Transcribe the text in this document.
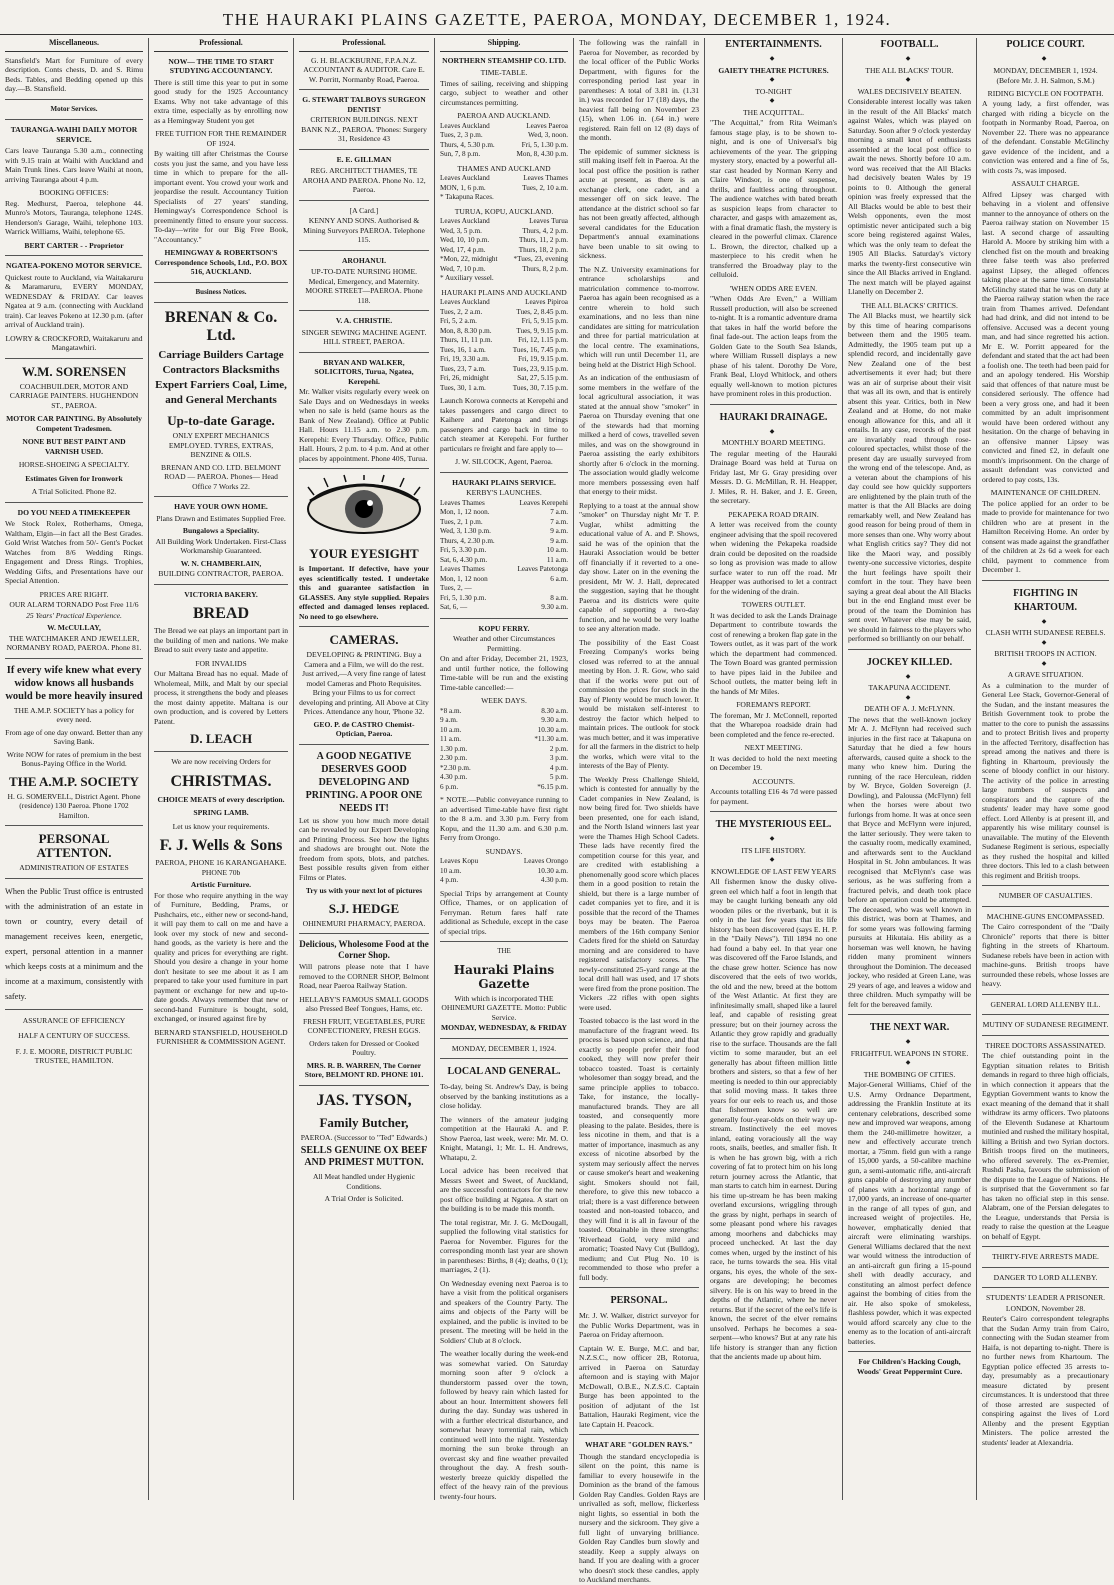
THE HAURAKI PLAINS GAZETTE, PAEROA, MONDAY, DECEMBER 1, 1924.
Miscellaneous.
Stansfield's Mart for Furniture of every description. Conts chests, D. and S. Rimu Beds. Tables, and Bedding opened up this day.—B. Stansfield.
Motor Services.
TAURANGA-WAIHI DAILY MOTOR SERVICE.
Cars leave Tauranga 5.30 a.m., connecting with 9.15 train at Waihi with Auckland and Main Trunk lines. Cars leave Waihi at noon, arriving Tauranga about 4 p.m.
BOOKING OFFICES:
Reg. Medhurst, Paeroa, telephone 44. Munro's Motors, Tauranga, telephone 124S. Henderson's Garage, Waihi, telephone 103. Warrick Williams, Waihi, telephone 65.
BERT CARTER - - Proprietor
NGATEA-POKENO MOTOR SERVICE.
Quickest route to Auckland, via Waitakaruru & Maramaruru, EVERY MONDAY, WEDNESDAY & FRIDAY. Car leaves Ngatea at 9 a.m. (connecting with Auckland train). Car leaves Pokeno at 12.30 p.m. (after arrival of Auckland train).
LOWRY & CROCKFORD, Waitakaruru and Mangatawhiri.
W.M. SORENSEN
COACHBUILDER, MOTOR AND CARRIAGE PAINTERS. HUGHENDON ST., PAEROA.
MOTOR CAR PAINTING. By Absolutely Competent Tradesmen.
NONE BUT BEST PAINT AND VARNISH USED.
HORSE-SHOEING A SPECIALTY.
Estimates Given for Ironwork
A Trial Solicited. Phone 82.
DO YOU NEED A TIMEKEEPER
We Stock Rolex, Rotherhams, Omega, Waltham, Elgin—in fact all the Best Grades. Gold Wrist Watches from 50/- Gent's Pocket Watches from 8/6 Wedding Rings. Engagement and Dress Rings. Trophies, Wedding Gifts, and Presentations have our Special Attention.
PRICES ARE RIGHT.
OUR ALARM TORNADO Post Free 11/6
25 Years' Practical Experience.
W. McCULLAY,
THE WATCHMAKER AND JEWELLER, NORMANBY ROAD, PAEROA. Phone 81.
If every wife knew what every widow knows all husbands would be more heavily insured
THE A.M.P. SOCIETY has a policy for every need.
From age of one day onward. Better than any Saving Bank.
Write NOW for rates of premium in the best Bonus-Paying Office in the World.
THE A.M.P. SOCIETY
H. G. SOMERVELL, District Agent. Phone (residence) 130 Paeroa. Phone 1702 Hamilton.
PERSONAL ATTENTON.
ADMINISTRATION OF ESTATES
When the Public Trust office is entrusted with the administration of an estate in town or country, every detail of management receives keen, energetic, expert, personal attention in a manner which keeps costs at a minimum and the income at a maximum, consistently with safety.
ASSURANCE OF EFFICIENCY
HALF A CENTURY OF SUCCESS.
F. J. E. MOORE, DISTRICT PUBLIC TRUSTEE, HAMILTON.
Professional.
NOW— THE TIME TO START STUDYING ACCOUNTANCY.
There is still time this year to put in some good study for the 1925 Accountancy Exams. Why not take advantage of this extra time, especially as by enrolling now as a Hemingway Student you get
FREE TUITION FOR THE REMAINDER OF 1924.
By waiting till after Christmas the Course costs you just the same, and you have less time in which to prepare for the all-important event. You crowd your work and jeopardise the result. Accountancy Tuition Specialists of 27 years' standing, Hemingway's Correspondence School is preeminently fitted to ensure your success. To-day—write for our Big Free Book, "Accountancy."
HEMINGWAY & ROBERTSON'S Correspondence Schools, Ltd., P.O. BOX 516, AUCKLAND.
Business Notices.
BRENAN & Co. Ltd.
Carriage Builders Cartage Contractors Blacksmiths Expert Farriers Coal, Lime, and General Merchants
Up-to-date Garage.
ONLY EXPERT MECHANICS EMPLOYED. TYRES, EXTRAS, BENZINE & OILS.
BRENAN AND CO. LTD. BELMONT ROAD — PAEROA. Phones— Head Office 7 Works 22.
HAVE YOUR OWN HOME.
Plans Drawn and Estimates Supplied Free.
Bungalows a Speciality.
All Building Work Undertaken. First-Class Workmanship Guaranteed.
W. N. CHAMBERLAIN,
BUILDING CONTRACTOR, PAEROA.
VICTORIA BAKERY.
BREAD
The Bread we eat plays an important part in the building of men and nations. We make Bread to suit every taste and appetite.
FOR INVALIDS
Our Maltana Bread has no equal. Made of Wholemeal, Milk, and Malt by our special process, it strengthens the body and pleases the most dainty appetite. Maltana is our own production, and is covered by Letters Patent.
D. LEACH
We are now receiving Orders for
CHRISTMAS.
CHOICE MEATS of every description.
SPRING LAMB.
Let us know your requirements.
F. J. Wells & Sons
PAEROA, PHONE 16 KARANGAHAKE. PHONE 70b
Artistic Furniture.
For those who require anything in the way of Furniture, Bedding, Prams, or Pushchairs, etc., either new or second-hand, it will pay them to call on me and have a look over my stock of new and second-hand goods, as the variety is here and the quality and prices for everything are right. Should you desire a change in your home don't hesitate to see me about it as I am prepared to take your used furniture in part payment or exchange for new and up-to-date goods. Always remember that new or second-hand Furniture is bought, sold, exchanged, or insured against fire by
BERNARD STANSFIELD, HOUSEHOLD FURNISHER & COMMISSION AGENT.
Professional.
G. H. BLACKBURNE, F.P.A.N.Z. ACCOUNTANT & AUDITOR. Care E. W. Porritt, Normanby Road, Paeroa.
G. STEWART TALBOYS SURGEON DENTIST
CRITERION BUILDINGS. NEXT BANK N.Z., PAEROA. 'Phones: Surgery 31, Residence 43
E. E. GILLMAN
REG. ARCHITECT THAMES, TE AROHA AND PAEROA. Phone No. 12, Paeroa.
[A Card.]
KENNY AND SONS. Authorised & Mining Surveyors PAEROA. Telephone 115.
AROHANUI.
UP-TO-DATE NURSING HOME. Medical, Emergency, and Maternity. MOORE STREET—PAEROA. Phone 118.
V. A. CHRISTIE.
SINGER SEWING MACHINE AGENT. HILL STREET, PAEROA.
BRYAN AND WALKER, SOLICITORS, Turua, Ngatea, Kerepehi.
Mr. Walker visits regularly every week on Sale Days and on Wednesdays in weeks when no sale is held (same hours as the Bank of New Zealand). Office at Public Hall. Hours 11.15 a.m. to 2.30 p.m. Kerepehi: Every Thursday. Office, Public Hall. Hours, 2 p.m. to 4 p.m. And at other places by appointment. Phone 40S, Turua.
YOUR EYESIGHT
is Important. If defective, have your eyes scientifically tested. I undertake this and guarantee satisfaction in GLASSES. Any style supplied. Repairs effected and damaged lenses replaced. No need to go elsewhere.
CAMERAS.
DEVELOPING & PRINTING. Buy a Camera and a Film, we will do the rest. Just arrived,—A very fine range of latest model Cameras and Photo Requisites. Bring your Films to us for correct developing and printing. All Above at City Prices. Attendance any hour, 'Phone 32.
GEO. P. de CASTRO Chemist-Optician, Paeroa.
A GOOD NEGATIVE DESERVES GOOD DEVELOPING AND PRINTING. A POOR ONE NEEDS IT!
Let us show you how much more detail can be revealed by our Expert Developing and Printing Process. See how the lights and shadows are brought out. Note the freedom from spots, blots, and patches. Best possible results given from either Films or Plates.
Try us with your next lot of pictures
S.J. HEDGE
OHINEMURI PHARMACY, PAEROA.
Delicious, Wholesome Food at the Corner Shop.
Will patrons please note that I have removed to the CORNER SHOP, Belmont Road, near Paeroa Railway Station.
HELLABY'S FAMOUS SMALL GOODS also Pressed Beef Tongues, Hams, etc.
FRESH FRUIT, VEGETABLES, PURE CONFECTIONERY, FRESH EGGS.
Orders taken for Dressed or Cooked Poultry.
MRS. R. B. WARREN, The Corner Store, BELMONT RD. PHONE 101.
JAS. TYSON,
Family Butcher,
PAEROA. (Successor to "Ted" Edwards.)
SELLS GENUINE OX BEEF AND PRIMEST MUTTON.
All Meat handled under Hygienic Conditions.
A Trial Order is Solicited.
Shipping.
NORTHERN STEAMSHIP CO. LTD.
TIME-TABLE.
Times of sailing, receiving and shipping cargo, subject to weather and other circumstances permitting.
PAEROA AND AUCKLAND.
Leaves Auckland	Leaves Paeroa
Tues, 2, 3 p.m.	Wed, 3, noon.
Thurs, 4, 5.30 p.m.	Fri, 5, 1.30 p.m.
Sun, 7, 8 p.m.	Mon, 8, 4.30 p.m.
THAMES AND AUCKLAND
Leaves Auckland	Leaves Thames
MON, 1, 6 p.m.	Tues, 2, 10 a.m.
* Takapuna Races.	
TURUA, KOPU, AUCKLAND.
Leaves Auckland	Leaves Turua
Wed, 3, 5 p.m.	Thurs, 4, 2 p.m.
Wed, 10, 10 p.m.	Thurs, 11, 2 p.m.
Wed, 17, 4 p.m.	Thurs, 18, 2 p.m.
*Mon, 22, midnight	*Tues, 23, evening
Wed, 7, 10 p.m.	Thurs, 8, 2 p.m.
* Auxiliary vessel.	
HAURAKI PLAINS AND AUCKLAND
Leaves Auckland	Leaves Pipiroa
Tues, 2, 2 a.m.	Tues, 2, 8.45 p.m.
Fri, 5, 2 a.m.	Fri, 5, 9.15 p.m.
Mon, 8, 8.30 p.m.	Tues, 9, 9.15 p.m.
Thurs, 11, 11 p.m.	Fri, 12, 1.15 p.m.
Tues, 16, 1 a.m.	Tues, 16, 7.45 p.m.
Fri, 19, 3.30 a.m.	Fri, 19, 9.15 p.m.
Tues, 23, 7 a.m.	Tues, 23, 9.15 p.m.
Fri, 26, midnight	Sat, 27, 5.15 p.m.
Tues, 30, 1 a.m.	Tues, 30, 7.15 p.m.
Launch Korowa connects at Kerepehi and takes passengers and cargo direct to Kaihere and Patetonga and brings passengers and cargo back in time to catch steamer at Kerepehi. For further particulars re freight and fare apply to—
J. W. SILCOCK, Agent, Paeroa.
HAURAKI PLAINS SERVICE.
KERBY'S LAUNCHES.
Leaves Thames	Leaves Kerepehi
Mon, 1, 12 noon.	7 a.m.
Tues, 2, 1 p.m.	7 a.m.
Wed, 3, 1.30 p.m.	9 a.m.
Thurs, 4, 2.30 p.m.	9 a.m.
Fri, 5, 3.30 p.m.	10 a.m.
Sat, 6, 4.30 p.m.	11 a.m.
Leaves Thames	Leaves Patetonga
Mon, 1, 12 noon	6 a.m.
Tues, 2, —	
Fri, 5, 1.30 p.m.	8 a.m.
Sat, 6, —	9.30 a.m.
KOPU FERRY.
Weather and other Circumstances Permitting.
On and after Friday, December 21, 1923, and until further notice, the following Time-table will be run and the existing Time-table cancelled:—
WEEK DAYS.
*8 a.m.	8.30 a.m.
9 a.m.	9.30 a.m.
10 a.m.	10.30 a.m.
11 a.m.	*11.30 a.m.
1.30 p.m.	2 p.m.
2.30 p.m.	3 p.m.
*2.30 p.m.	4 p.m.
4.30 p.m.	5 p.m.
6 p.m.	*6.15 p.m.
* NOTE.—Public conveyance running to an advertised Time-table have first right to the 8 a.m. and 3.30 p.m. Ferry from Kopu, and the 11.30 a.m. and 6.30 p.m. Ferry from Orongo.
SUNDAYS.
Leaves Kopu	Leaves Orongo
10 a.m.	10.30 a.m.
4 p.m.	4.30 p.m.
Special Trips by arrangement at County Office, Thames, or on application of Ferryman. Return fares half rate additional as Schedule, except in the case of special trips.
THE
Hauraki Plains Gazette
With which is incorporated THE OHINEMURI GAZETTE. Motto: Public Service.
MONDAY, WEDNESDAY, & FRIDAY
MONDAY, DECEMBER 1, 1924.
LOCAL AND GENERAL.
To-day, being St. Andrew's Day, is being observed by the banking institutions as a close holiday.
The winners of the amateur judging competition at the Hauraki A. and P. Show Paeroa, last week, were: Mr. M. O. Knight, Matangi, 1; Mr. L. H. Andrews, Whatapu, 2.
Local advice has been received that Messrs Sweet and Sweet, of Auckland, are the successful contractors for the new post office building at Ngatea. A start on the building is to be made this month.
The total registrar, Mr. J. G. McDougall, supplied the following vital statistics for Paeroa for November. Figures for the corresponding month last year are shown in parentheses: Births, 8 (4); deaths, 0 (1); marriages, 2 (1).
On Wednesday evening next Paeroa is to have a visit from the political organisers and speakers of the Country Party. The aims and objects of the Party will be explained, and the public is invited to be present. The meeting will be held in the Soldiers' Club at 8 o'clock.
The weather locally during the week-end was somewhat varied. On Saturday morning soon after 9 o'clock a thunderstorm passed over the town, followed by heavy rain which lasted for about an hour. Intermittent showers fell during the day. Sunday was ushered in with a further electrical disturbance, and somewhat heavy torrential rain, which continued well into the night. Yesterday morning the sun broke through an overcast sky and fine weather prevailed throughout the day. A fresh south-westerly breeze quickly dispelled the effect of the heavy rain of the previous twenty-four hours.
The following was the rainfall in Paeroa for November, as recorded by the local officer of the Public Works Department, with figures for the corresponding period last year in parentheses: A total of 3.81 in. (1.31 in.) was recorded for 17 (18) days, the heaviest fall being on November 23 (15), when 1.06 in. (.64 in.) were registered. Rain fell on 12 (8) days of the month.
The epidemic of summer sickness is still making itself felt in Paeroa. At the local post office the position is rather acute at present, as there is an exchange clerk, one cadet, and a messenger off on sick leave. The attendance at the district school so far has not been greatly affected, although several candidates for the Education Department's annual examinations have been unable to sit owing to sickness.
The N.Z. University examinations for entrance scholarships and matriculation commence to-morrow. Paeroa has again been recognised as a centre wherein to hold such examinations, and no less than nine candidates are sitting for matriculation and three for partial matriculation at the local centre. The examinations, which will run until December 11, are being held at the District High School.
As an indication of the enthusiasm of some members in the welfare of the local agricultural association, it was stated at the annual show "smoker" in Paeroa on Thursday evening that one of the stewards had that morning milked a herd of cows, travelled seven miles, and was on the showground in Paeroa assisting the early exhibitors shortly after 6 o'clock in the morning. The association would gladly welcome more members possessing even half that energy to their midst.
Replying to a toast at the annual show "smoker" on Thursday night Mr T. P. Vuglar, whilst admitting the educational value of A. and P. Shows, said he was of the opinion that the Hauraki Association would be better off financially if it reverted to a one-day show. Later on in the evening the president, Mr W. J. Hall, deprecated the suggestion, saying that he thought Paeroa and its districts were quite capable of supporting a two-day function, and he would be very loathe to see any alteration made.
The possibility of the East Coast Freezing Company's works being closed was referred to at the annual meeting by Hon. J. R. Gow, who said that if the works were put out of commission the prices for stock in the Bay of Plenty would be much lower. It would be mistaken self-interest to destroy the factor which helped to maintain prices. The outlook for stock was much better, and it was imperative for all the farmers in the district to help the works, which were vital to the interests of the Bay of Plenty.
The Weekly Press Challenge Shield, which is contested for annually by the Cadet companies in New Zealand, is now being fired for. Two shields have been presented, one for each island, and the North Island winners last year were the Thames High School Cadets. These lads have recently fired the competition course for this year, and are credited with establishing a phenomenally good score which places them in a good position to retain the shield, but there is a large number of cadet companies yet to fire, and it is possible that the record of the Thames boys may be beaten. The Paeroa members of the 16th company Senior Cadets fired for the shield on Saturday morning and are considered to have registered satisfactory scores. The newly-constituted 25-yard range at the local drill hall was used, and 17 shots were fired from the prone position. The Vickers .22 rifles with open sights were used.
Toasted tobacco is the last word in the manufacture of the fragrant weed. Its process is based upon science, and that exactly so people prefer their food cooked, they will now prefer their tobacco toasted. Toast is certainly wholesomer than soggy bread, and the same principle applies to tobacco. Take, for instance, the locally-manufactured brands. They are all toasted, and consequently more pleasing to the palate. Besides, there is less nicotine in them, and that is a matter of importance, inasmuch as any excess of nicotine absorbed by the system may seriously affect the nerves or cause smoker's heart and weakening sight. Smokers should not fail, therefore, to give this new tobacco a trial; there is a vast difference between toasted and non-toasted tobacco, and they will find it is all in favour of the toasted. Obtainable in three strengths: 'Riverhead Gold, very mild and aromatic; Toasted Navy Cut (Bulldog), medium; and Cut Plug No. 10 is recommended to those who prefer a full body.
PERSONAL.
Mr. J. W. Walker, district surveyor for the Public Works Department, was in Paeroa on Friday afternoon.
Captain W. E. Burge, M.C. and bar, N.Z.S.C., now officer 2B, Rotorua, arrived in Paeroa on Saturday afternoon and is staying with Major McDowall, O.B.E., N.Z.S.C. Captain Burge has been appointed to the position of adjutant of the 1st Battalion, Hauraki Regiment, vice the late Captain H. Peacock.
WHAT ARE "GOLDEN RAYS."
Though the standard encyclopedia is silent on the point, this name is familiar to every housewife in the Dominion as the brand of the famous Golden Ray Candles. Golden Rays are unrivalled as soft, mellow, flickerless night lights, so essential in both the nursery and the sickroom. They give a full light of unvarying brilliance. Golden Ray Candles burn slowly and steadily. Keep a supply always on hand. If you are dealing with a grocer who doesn't stock these candles, apply to Auckland merchants.
ENTERTAINMENTS.
◆
GAIETY THEATRE PICTURES.
◆
TO-NIGHT
◆
THE ACQUITTAL.
"The Acquittal," from Rita Weiman's famous stage play, is to be shown to-night, and is one of Universal's big achievements of the year. The gripping mystery story, enacted by a powerful all-star cast headed by Norman Kerry and Claire Windsor, is one of suspense, thrills, and faultless acting throughout. The audience watches with bated breath as suspicion leaps from character to character, and gasps with amazement as, with a final dramatic flash, the mystery is cleared in the powerful climax. Clarence L. Brown, the director, chalked up a masterpiece to his credit when he transferred the Broadway play to the celluloid.
'WHEN ODDS ARE EVEN.
"When Odds Are Even," a William Russell production, will also be screened to-night. It is a romantic adventure drama that takes in half the world before the final fade-out. The action leaps from the Golden Gate to the South Sea Islands, where William Russell displays a new phase of his talent. Dorothy De Vore, Frank Beal, Lloyd Whitlock, and others equally well-known to motion pictures have prominent roles in this production.
HAURAKI DRAINAGE.
◆
MONTHLY BOARD MEETING.
The regular meeting of the Hauraki Drainage Board was held at Turua on Friday last, Mr G. Gray presiding over Messrs. D. G. McMillan, R. H. Heapper, J. Miles, R. H. Baker, and J. E. Green, the secretary.
PEKAPEKA ROAD DRAIN.
A letter was received from the county engineer advising that the spoil recovered when widening the Pekapeka roadside drain could be deposited on the roadside so long as provision was made to allow surface water to run off the road. Mr Heapper was authorised to let a contract for the widening of the drain.
TOWERS OUTLET.
It was decided to ask the Lands Drainage Department to contribute towards the cost of renewing a broken flap gate in the Towers outlet, as it was part of the work which the department had commenced. The Town Board was granted permission to have pipes laid in the Jubilee and School outlets, the matter being left in the hands of Mr Miles.
FOREMAN'S REPORT.
The foreman, Mr J. McConnell, reported that the Wharepoa roadside drain had been completed and the fence re-erected.
NEXT MEETING.
It was decided to hold the next meeting on December 19.
ACCOUNTS.
Accounts totalling £16 4s 7d were passed for payment.
THE MYSTERIOUS EEL.
◆
ITS LIFE HISTORY.
◆
KNOWLEDGE OF LAST FEW YEARS
All fishermen know the dusky olive-green eel which half a foot in length that may be caught lurking beneath any old wooden piles or the riverbank, but it is only in the last few years that its life history has been discovered (says E. H. P. in the "Daily News"). Till 1894 no one had found a baby eel. In that year one was discovered off the Faroe Islands, and the chase grew hotter. Science has now discovered that the eels of two worlds, the old and the new, breed at the bottom of the West Atlantic. At first they are infinitesimally small, shaped like a laurel leaf, and capable of resisting great pressure; but on their journey across the Atlantic they grow rapidly and gradually rise to the surface. Thousands are the fall victim to some marauder, but an eel generally has about fifteen million little brothers and sisters, so that a few of her meeting is needed to thin our appreciably that solid moving mass. It takes three years for our eels to reach us, and those that fishermen know so well are generally four-year-olds on their way up-stream. Instinctively the eel moves inland, eating voraciously all the way roots, snails, beetles, and smaller fish. It is when he has grown big, with a rich covering of fat to protect him on his long return journey across the Atlantic, that man starts to catch him in earnest. During his time up-stream he has been making overland excursions, wriggling through the grass by night, perhaps in search of some pleasant pond where his ravages among moorhens and dabchicks may proceed unchecked. At last the day comes when, urged by the instinct of his race, he turns towards the sea. His vital organs, his eyes, the whole of the sex-organs are developing; he becomes silvery. He is on his way to breed in the depths of the Atlantic, where he never returns. But if the secret of the eel's life is known, the secret of the elver remains unsolved. Perhaps he becomes a sea-serpent—who knows? But at any rate his life history is stranger than any fiction that the ancients made up about him.
FOOTBALL.
◆
THE ALL BLACKS' TOUR.
◆
WALES DECISIVELY BEATEN.
Considerable interest locally was taken in the result of the All Blacks' match against Wales, which was played on Saturday. Soon after 9 o'clock yesterday morning a small knot of enthusiasts assembled at the local post office to await the news. Shortly before 10 a.m. word was received that the All Blacks had decisively beaten Wales by 19 points to 0. Although the general opinion was freely expressed that the All Blacks would be able to best their Welsh opponents, even the most optimistic never anticipated such a big score being registered against Wales, which was the only team to defeat the 1905 All Blacks. Saturday's victory marks the twenty-first consecutive win since the All Blacks arrived in England. The next match will be played against Llanelly on December 2.
THE ALL BLACKS' CRITICS.
The All Blacks must, we heartily sick by this time of hearing comparisons between them and the 1905 team. Admittedly, the 1905 team put up a splendid record, and incidentally gave New Zealand one of the best advertisements it ever had; but there was an air of surprise about their visit that was all its own, and that is entirely absent this year. Critics, both in New Zealand and at Home, do not make enough allowance for this, and all it entails. In any case, records of the past are invariably read through rose-coloured spectacles, whilst those of the present day are usually surveyed from the wrong end of the telescope. And, as a veteran about the champions of his day could see how quickly supporters are enlightened by the plain truth of the matter is that the All Blacks are doing remarkably well, and New Zealand has good reason for being proud of them in more senses than one. Why worry about what English critics say? They did not like the Maori way, and possibly twenty-one successive victories, despite the hurt feelings have spoilt their comfort in the tour. They have been saying a great deal about the All Blacks but in the end England must ever be proud of the team the Dominion has sent over. Whatever else may be said, we should in fairness to the players who performed so brilliantly on our behalf.
JOCKEY KILLED.
◆
TAKAPUNA ACCIDENT.
◆
DEATH OF A. J. McFLYNN.
The news that the well-known jockey Mr A. J. McFlynn had received such injuries in the first race at Takapuna on Saturday that he died a few hours afterwards, caused quite a shock to the many who knew him. During the running of the race Herculean, ridden by W. Bryce, Golden Sovereign (J. Dowling), and Paloussa (McFlynn) fell when the horses were about two furlongs from home. It was at once seen that Bryce and McFlynn were injured, the latter seriously. They were taken to the casualty room, medically examined, and afterwards sent to the Auckland Hospital in St. John ambulances. It was recognised that McFlynn's case was serious, as he was suffering from a fractured pelvis, and death took place before an operation could be attempted. The deceased, who was well known in this district, was born at Thames, and for some years was following farming pursuits at Hikutaia. His ability as a horseman was well known, he having ridden many prominent winners throughout the Dominion. The deceased jockey, who resided at Green Lane, was 29 years of age, and leaves a widow and three children. Much sympathy will be felt for the bereaved family.
THE NEXT WAR.
◆
FRIGHTFUL WEAPONS IN STORE.
◆
THE BOMBING OF CITIES.
Major-General Williams, Chief of the U.S. Army Ordnance Department, addressing the Franklin Institute at its centenary celebrations, described some new and improved war weapons, among them the 240-millimetre howitzer, a new and effectively accurate trench mortar, a 75mm. field gun with a range of 15,000 yards, a 50-calibre machine gun, a semi-automatic rifle, anti-aircraft guns capable of destroying any number of planes with a horizontal range of 17,000 yards, an increase of one-quarter in the range of all types of gun, and increased weight of projectiles. He, however, emphatically denied that aircraft were eliminating warships. General Williams declared that the next war would witness the introduction of an anti-aircraft gun firing a 15-pound shell with deadly accuracy, and constituting an almost perfect defence against the bombing of cities from the air. He also spoke of smokeless, flashless powder, which it was expected would afford scarcely any clue to the enemy as to the location of anti-aircraft batteries.
For Children's Hacking Cough, Woods' Great Peppermint Cure.
POLICE COURT.
◆
MONDAY, DECEMBER 1, 1924.
(Before Mr. J. H. Salmon, S.M.)
RIDING BICYCLE ON FOOTPATH.
A young lady, a first offender, was charged with riding a bicycle on the footpath in Normanby Road, Paeroa, on November 22. There was no appearance of the defendant. Constable McGlinchy gave evidence of the incident, and a conviction was entered and a fine of 5s, with costs 7s, was imposed.
ASSAULT CHARGE.
Alfred Lipsey was charged with behaving in a violent and offensive manner to the annoyance of others on the Paeroa railway station on November 15 last. A second charge of assaulting Harold A. Moore by striking him with a clenched fist on the mouth and breaking three false teeth was also preferred against Lipsey, the alleged offences taking place at the same time. Constable McGlinchy stated that he was on duty at the Paeroa railway station when the race train from Thames arrived. Defendant had had drink, and did not intend to be offensive. Accused was a decent young man, and had since regretted his action. Mr E. W. Porritt appeared for the defendant and stated that the act had been a foolish one. The teeth had been paid for and an apology tendered. His Worship said that offences of that nature must be considered seriously. The offence had been a very gross one, and had it been committed by an adult imprisonment would have been ordered without any hesitation. On the charge of behaving in an offensive manner Lipsey was convicted and fined £2, in default one month's imprisonment. On the charge of assault defendant was convicted and ordered to pay costs, 13s.
MAINTENANCE OF CHILDREN.
The police applied for an order to be made to provide for maintenance for two children who are at present in the Hamilton Receiving Home. An order by consent was made against the grandfather of the children at 2s 6d a week for each child, payment to commence from December 1.
FIGHTING IN KHARTOUM.
◆
CLASH WITH SUDANESE REBELS.
◆
BRITISH TROOPS IN ACTION.
◆
A GRAVE SITUATION.
As a culmination to the murder of General Lee Stack, Governor-General of the Sudan, and the instant measures the British Government took to probe the matter to the core to punish the assassins and to protect British lives and property in the affected Territory, disaffection has spread among the natives and there is fighting in Khartoum, previously the scene of bloody conflict in our history. The activity of the police in arresting large numbers of suspects and conspirators and the capture of the students' leader may have some good effect. Lord Allenby is at present ill, and apparently his wise military counsel is unavailable. The mutiny of the Eleventh Sudanese Regiment is serious, especially as they rushed the hospital and killed three doctors. This led to a clash between this regiment and British troops.
NUMBER OF CASUALTIES.
MACHINE-GUNS ENCOMPASSED.
The Cairo correspondent of the "Daily Chronicle" reports that there is bitter fighting in the streets of Khartoum. Sudanese rebels have been in action with machine-guns. British troops have surrounded these rebels, whose losses are heavy.
GENERAL LORD ALLENBY ILL.
MUTINY OF SUDANESE REGIMENT.
THREE DOCTORS ASSASSINATED.
The chief outstanding point in the Egyptian situation relates to British demands in regard to three high officials, in which connection it appears that the Egyptian Government wants to know the exact meaning of the demand that it shall withdraw its army officers. Two platoons of the Eleventh Sudanese at Khartoum mutinied and rushed the military hospital, killing a British and two Syrian doctors. British troops fired on the mutineers, who offered severely. The ex-Premier, Rushdi Pasha, favours the submission of the dispute to the League of Nations. He is surprised that the Government so far has taken no official step in this sense. Alabram, one of the Persian delegates to the League, understands that Persia is ready to raise the question at the League on behalf of Egypt.
THIRTY-FIVE ARRESTS MADE.
DANGER TO LORD ALLENBY.
STUDENTS' LEADER A PRISONER.
LONDON, November 28.
Reuter's Cairo correspondent telegraphs that the Sudan Army train from Cairo, connecting with the Sudan steamer from Haifa, is not departing to-night. There is no further news from Khartoum. The Egyptian police effected 35 arrests to-day, presumably as a precautionary measure dictated by present circumstances. It is understood that three of those arrested are suspected of conspiring against the lives of Lord Allenby and the present Egyptian Ministers. The police arrested the students' leader at Alexandria.
